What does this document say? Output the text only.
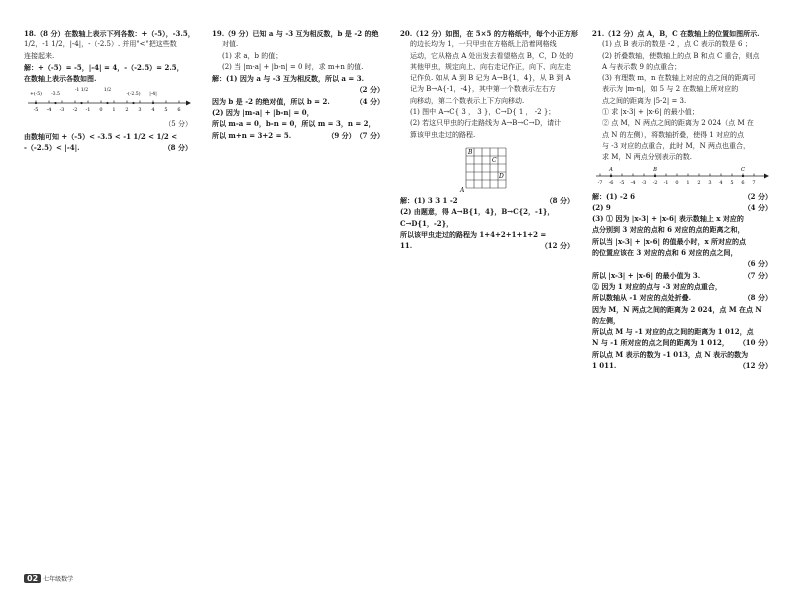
18.（8 分）在数轴上表示下列各数：+（-5），-3.5，
1/2，-1 1/2，|-4|，-（-2.5）. 并用"<"把这些数
连接起来.
解：+（-5）= -5，|-4| = 4，-（-2.5）= 2.5，
在数轴上表示各数如图.
-5 -4 -3 -2 -1 0 1 2 3 4 5 6
+(-5) -3.5
-1 1/2	1/2
-(-2.5) |-4|
（5 分）

由数轴可知 +（-5）< -3.5 < -1 1/2 < 1/2 <
-（-2.5）< |-4|.	（8 分）
19.（9 分）已知 a 与 -3 互为相反数，b 是 -2 的绝
对值.
(1) 求 a，b 的值；
(2) 当 |m-a| + |b-n| = 0 时，求 m+n 的值.
解：(1) 因为 a 与 -3 互为相反数，所以 a = 3.

（2 分）
因为 b 是 -2 的绝对值，所以 b = 2.	（4 分）
(2) 因为 |m-a| + |b-n| = 0，
所以 m-a = 0，b-n = 0，所以 m = 3，n = 2，
（7 分）
所以 m+n = 3+2 = 5.	（9 分）
20.（12 分）如图，在 5×5 的方格纸中，每个小正方形
的边长均为 1，一只甲虫在方格纸上沿着网格线
运动，它从格点 A 处出发去看望格点 B，C，D 处的
其他甲虫，规定向上、向右走记作正，向下、向左走
记作负. 如从 A 到 B 记为 A→B{1，4}，从 B 到 A
记为 B→A{-1，-4}，其中第一个数表示左右方
向移动，第二个数表示上下方向移动.
(1) 图中 A→C{ 3 ， 3 }，C→D{ 1 ， -2 }；
(2) 若这只甲虫的行走路线为 A→B→C→D，请计
算该甲虫走过的路程.
A
B
C
D
解：(1) 3 3 1 -2	（8 分）
(2) 由题意，得 A→B{1，4}，B→C{2，-1}，
C→D{1，-2}，
所以该甲虫走过的路程为 1+4+2+1+1+2 =
11.	（12 分）
21.（12 分）点 A，B，C 在数轴上的位置如图所示.
(1) 点 B 表示的数是 -2 ，点 C 表示的数是 6 ；
(2) 折叠数轴，使数轴上的点 B 和点 C 重合，则点
A 与表示数 9 的点重合；
(3) 有理数 m，n 在数轴上对应的点之间的距离可
表示为 |m-n|，如 5 与 2 在数轴上所对应的
点之间的距离为 |5-2| = 3.
① 求 |x-3| + |x-6| 的最小值；
② 点 M，N 两点之间的距离为 2 024（点 M 在
点 N 的左侧），将数轴折叠，使得 1 对应的点
与 -3 对应的点重合，此时 M，N 两点也重合，
求 M，N 两点分别表示的数.
-7 -6 -5 -4 -3 -2 -1 0 1 2 3 4 5 6 7
A	B	C
解：(1) -2 6	（2 分）
(2) 9	（4 分）
(3) ① 因为 |x-3| + |x-6| 表示数轴上 x 对应的
点分别到 3 对应的点和 6 对应的点的距离之和，
所以当 |x-3| + |x-6| 的值最小时，x 所对应的点
的位置应该在 3 对应的点和 6 对应的点之间，

（6 分）
所以 |x-3| + |x-6| 的最小值为 3.	（7 分）
② 因为 1 对应的点与 -3 对应的点重合，
所以数轴从 -1 对应的点处折叠.	（8 分）
因为 M，N 两点之间的距离为 2 024，点 M 在点 N
的左侧，
所以点 M 与 -1 对应的点之间的距离为 1 012，点
N 与 -1 所对应的点之间的距离为 1 012， （10 分）
所以点 M 表示的数为 -1 013，点 N 表示的数为
1 011.	（12 分）
02 七年级数学
